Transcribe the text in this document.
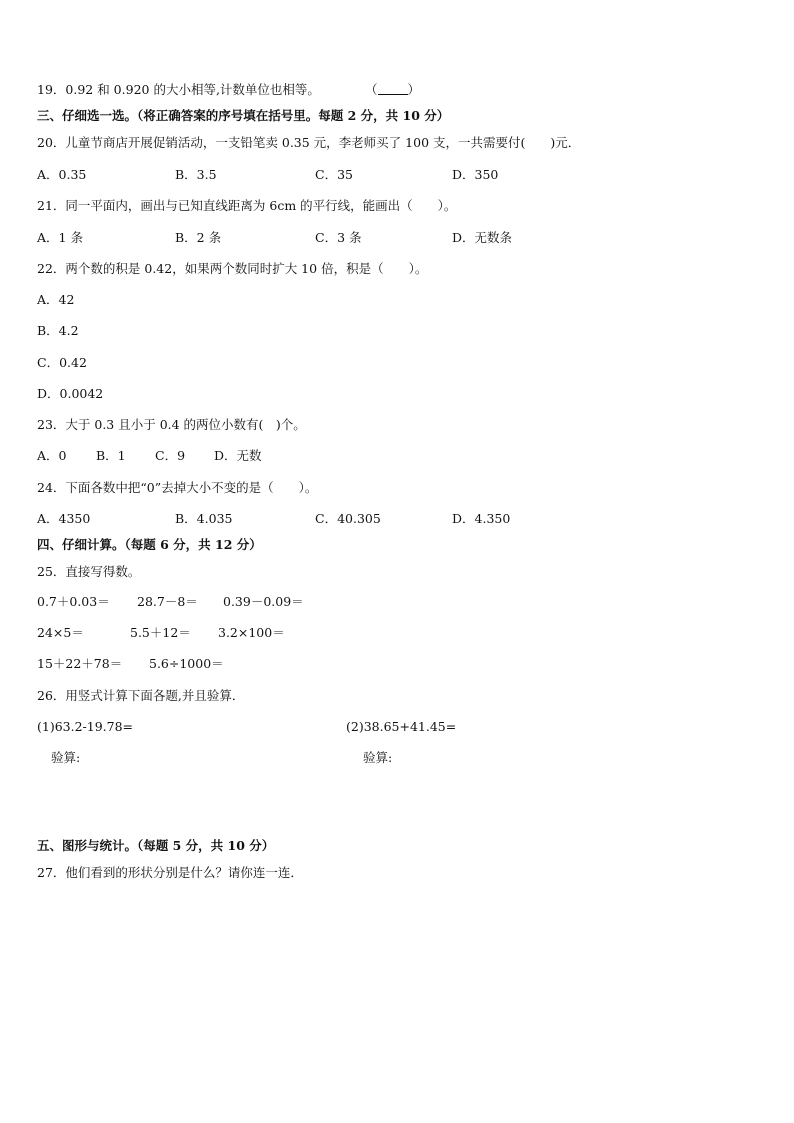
19．0.92 和 0.920 的大小相等,计数单位也相等。	（ ）
三、仔细选一选。（将正确答案的序号填在括号里。每题 2 分，共 10 分）
20．儿童节商店开展促销活动，一支铅笔卖 0.35 元，李老师买了 100 支，一共需要付(　　)元．
A．0.35	B．3.5	C．35	D．350
21．同一平面内，画出与已知直线距离为 6cm 的平行线，能画出（　　）。
A．1 条	B．2 条	C．3 条	D．无数条
22．两个数的积是 0.42，如果两个数同时扩大 10 倍，积是（　　）。
A．42
B．4.2
C．0.42
D．0.0042
23．大于 0.3 且小于 0.4 的两位小数有(　)个。
A．0 B．1 C．9 D．无数
24．下面各数中把“0”去掉大小不变的是（　　）。
A．4350	B．4.035	C．40.305	D．4.350
四、仔细计算。（每题 6 分，共 12 分）
25．直接写得数。
0.7＋0.03＝ 28.7－8＝ 0.39－0.09＝
24×5＝	5.5＋12＝ 3.2×100＝
15＋22＋78＝ 5.6÷1000＝
26．用竖式计算下面各题,并且验算．
(1)63.2-19.78=	(2)38.65+41.45=
验算:	验算:
五、图形与统计。（每题 5 分，共 10 分）
27．他们看到的形状分别是什么？请你连一连．
